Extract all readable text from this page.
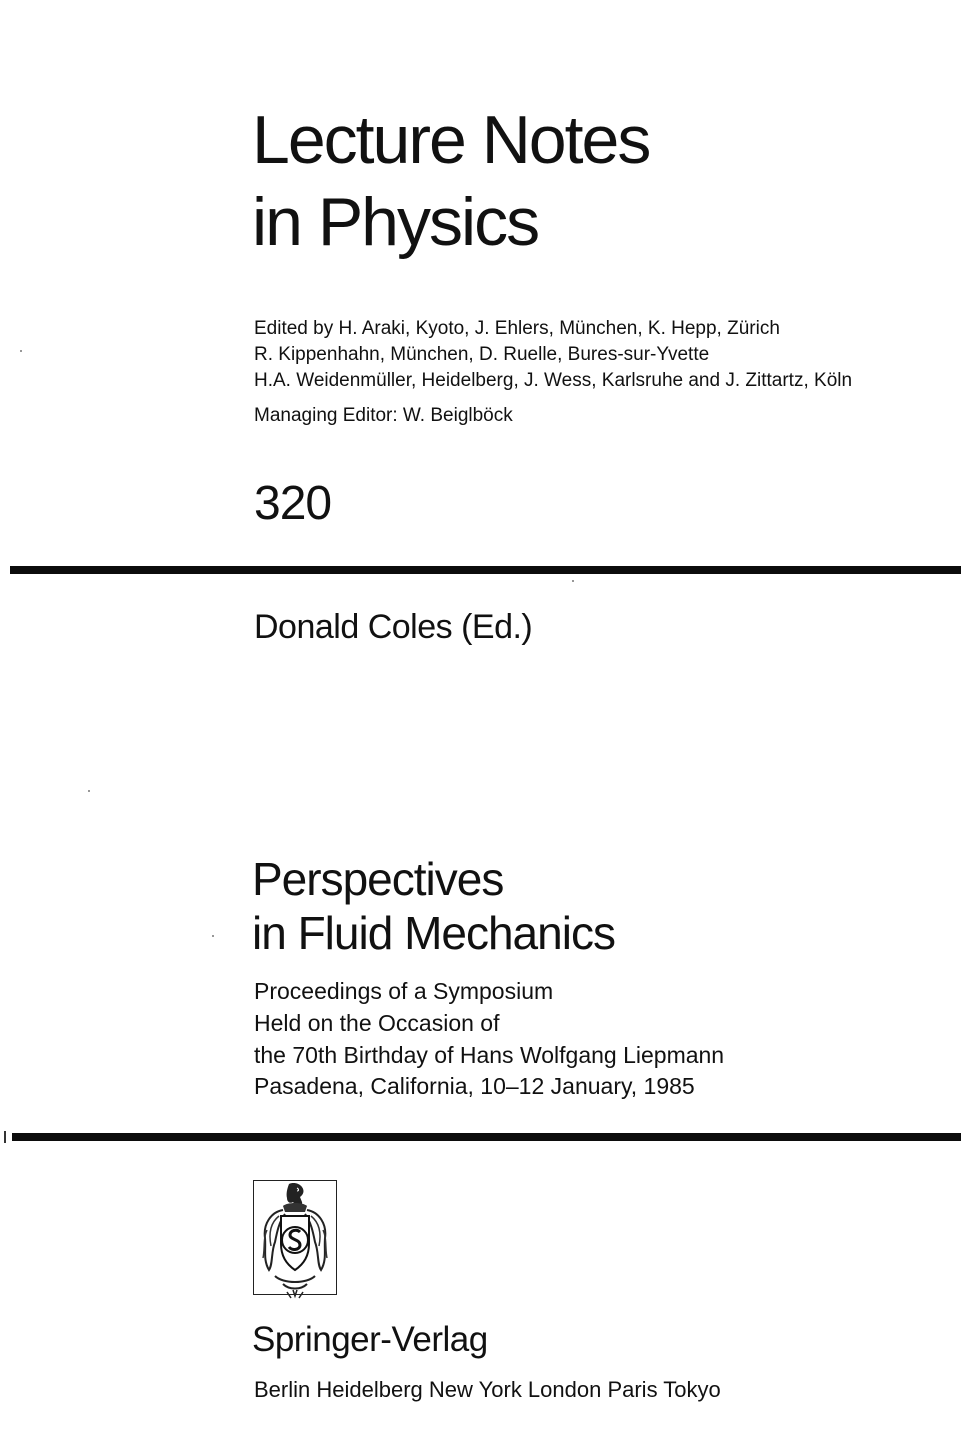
Lecture Notes
in Physics
Edited by H. Araki, Kyoto, J. Ehlers, München, K. Hepp, Zürich
R. Kippenhahn, München, D. Ruelle, Bures-sur-Yvette
H.A. Weidenmüller, Heidelberg, J. Wess, Karlsruhe and J. Zittartz, Köln
Managing Editor: W. Beiglböck
320
Donald Coles (Ed.)
Perspectives
in Fluid Mechanics
Proceedings of a Symposium
Held on the Occasion of
the 70th Birthday of Hans Wolfgang Liepmann
Pasadena, California, 10–12 January, 1985
Springer-Verlag
Berlin Heidelberg New York London Paris Tokyo
